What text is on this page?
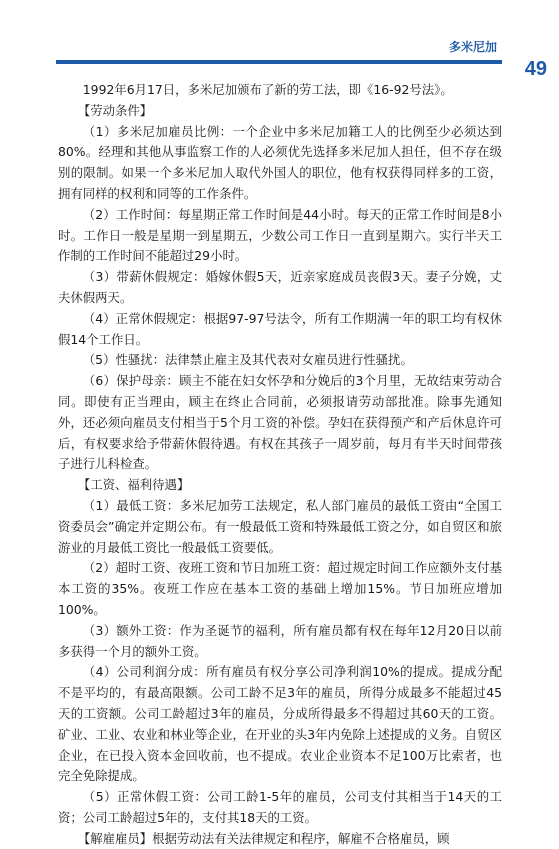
多米尼加
49

1992年6月17日，多米尼加颁布了新的劳工法，即《16-92号法》。

【劳动条件】

（1）多米尼加雇员比例：一个企业中多米尼加籍工人的比例至少必须达到80%。经理和其他从事监察工作的人必须优先选择多米尼加人担任，但不存在级别的限制。如果一个多米尼加人取代外国人的职位，他有权获得同样多的工资，拥有同样的权利和同等的工作条件。

（2）工作时间：每星期正常工作时间是44小时。每天的正常工作时间是8小时。工作日一般是星期一到星期五，少数公司工作日一直到星期六。实行半天工作制的工作时间不能超过29小时。

（3）带薪休假规定：婚嫁休假5天，近亲家庭成员丧假3天。妻子分娩，丈夫休假两天。

（4）正常休假规定：根据97-97号法令，所有工作期满一年的职工均有权休假14个工作日。

（5）性骚扰：法律禁止雇主及其代表对女雇员进行性骚扰。

（6）保护母亲：顾主不能在妇女怀孕和分娩后的3个月里，无故结束劳动合同。即使有正当理由，顾主在终止合同前，必须报请劳动部批准。除事先通知外，还必须向雇员支付相当于5个月工资的补偿。孕妇在获得预产和产后休息许可后，有权要求给予带薪休假待遇。有权在其孩子一周岁前，每月有半天时间带孩子进行儿科检查。

【工资、福利待遇】

（1）最低工资：多米尼加劳工法规定，私人部门雇员的最低工资由“全国工资委员会”确定并定期公布。有一般最低工资和特殊最低工资之分，如自贸区和旅游业的月最低工资比一般最低工资要低。

（2）超时工资、夜班工资和节日加班工资：超过规定时间工作应额外支付基本工资的35%。夜班工作应在基本工资的基础上增加15%。节日加班应增加100%。

（3）额外工资：作为圣诞节的福利，所有雇员都有权在每年12月20日以前多获得一个月的额外工资。

（4）公司利润分成：所有雇员有权分享公司净利润10%的提成。提成分配不是平均的，有最高限额。公司工龄不足3年的雇员，所得分成最多不能超过45天的工资额。公司工龄超过3年的雇员，分成所得最多不得超过其60天的工资。矿业、工业、农业和林业等企业，在开业的头3年内免除上述提成的义务。自贸区企业，在已投入资本金回收前，也不提成。农业企业资本不足100万比索者，也完全免除提成。

（5）正常休假工资：公司工龄1-5年的雇员，公司支付其相当于14天的工资；公司工龄超过5年的，支付其18天的工资。

【解雇雇员】根据劳动法有关法律规定和程序，解雇不合格雇员，顾
